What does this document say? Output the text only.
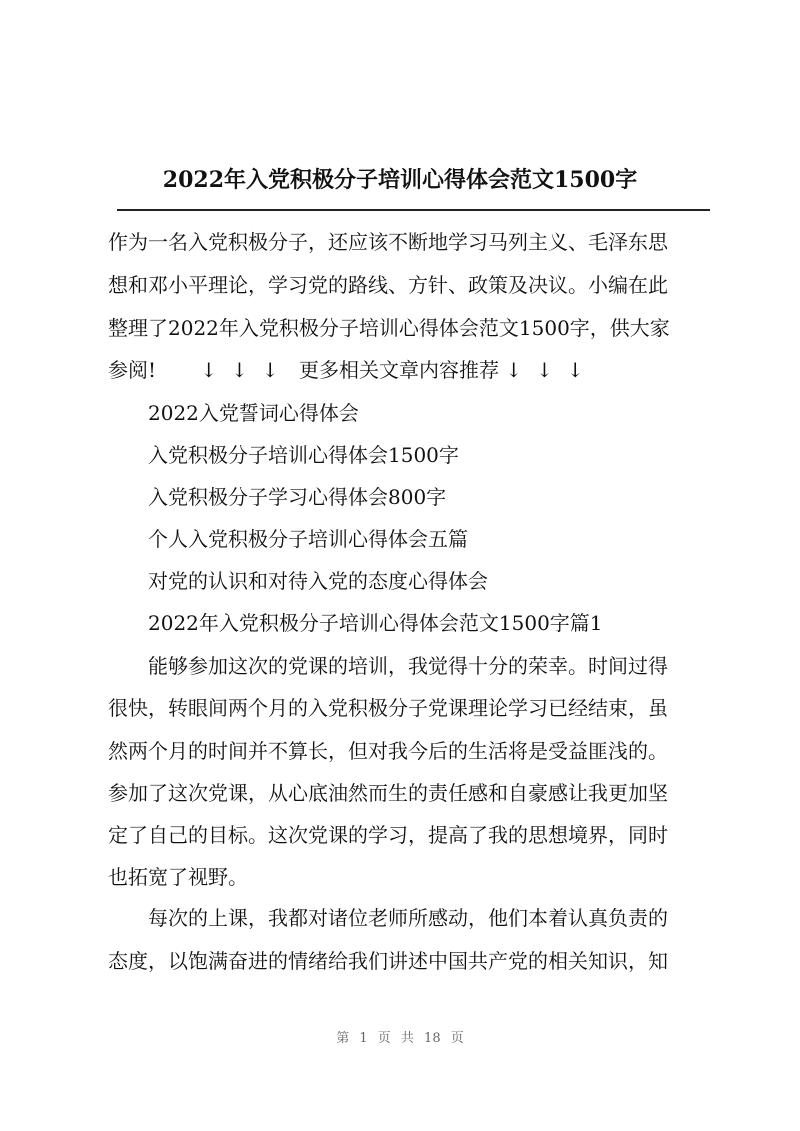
2022年入党积极分子培训心得体会范文1500字
作为一名入党积极分子，还应该不断地学习马列主义、毛泽东思
想和邓小平理论，学习党的路线、方针、政策及决议。小编在此
整理了2022年入党积极分子培训心得体会范文1500字，供大家
参阅! ↓↓↓ 更多相关文章内容推荐 ↓↓↓
2022入党誓词心得体会
入党积极分子培训心得体会1500字
入党积极分子学习心得体会800字
个人入党积极分子培训心得体会五篇
对党的认识和对待入党的态度心得体会
2022年入党积极分子培训心得体会范文1500字篇1
能够参加这次的党课的培训，我觉得十分的荣幸。时间过得
很快，转眼间两个月的入党积极分子党课理论学习已经结束，虽
然两个月的时间并不算长，但对我今后的生活将是受益匪浅的。
参加了这次党课，从心底油然而生的责任感和自豪感让我更加坚
定了自己的目标。这次党课的学习，提高了我的思想境界，同时
也拓宽了视野。
每次的上课，我都对诸位老师所感动，他们本着认真负责的
态度，以饱满奋进的情绪给我们讲述中国共产党的相关知识，知
第 1 页 共 18 页
